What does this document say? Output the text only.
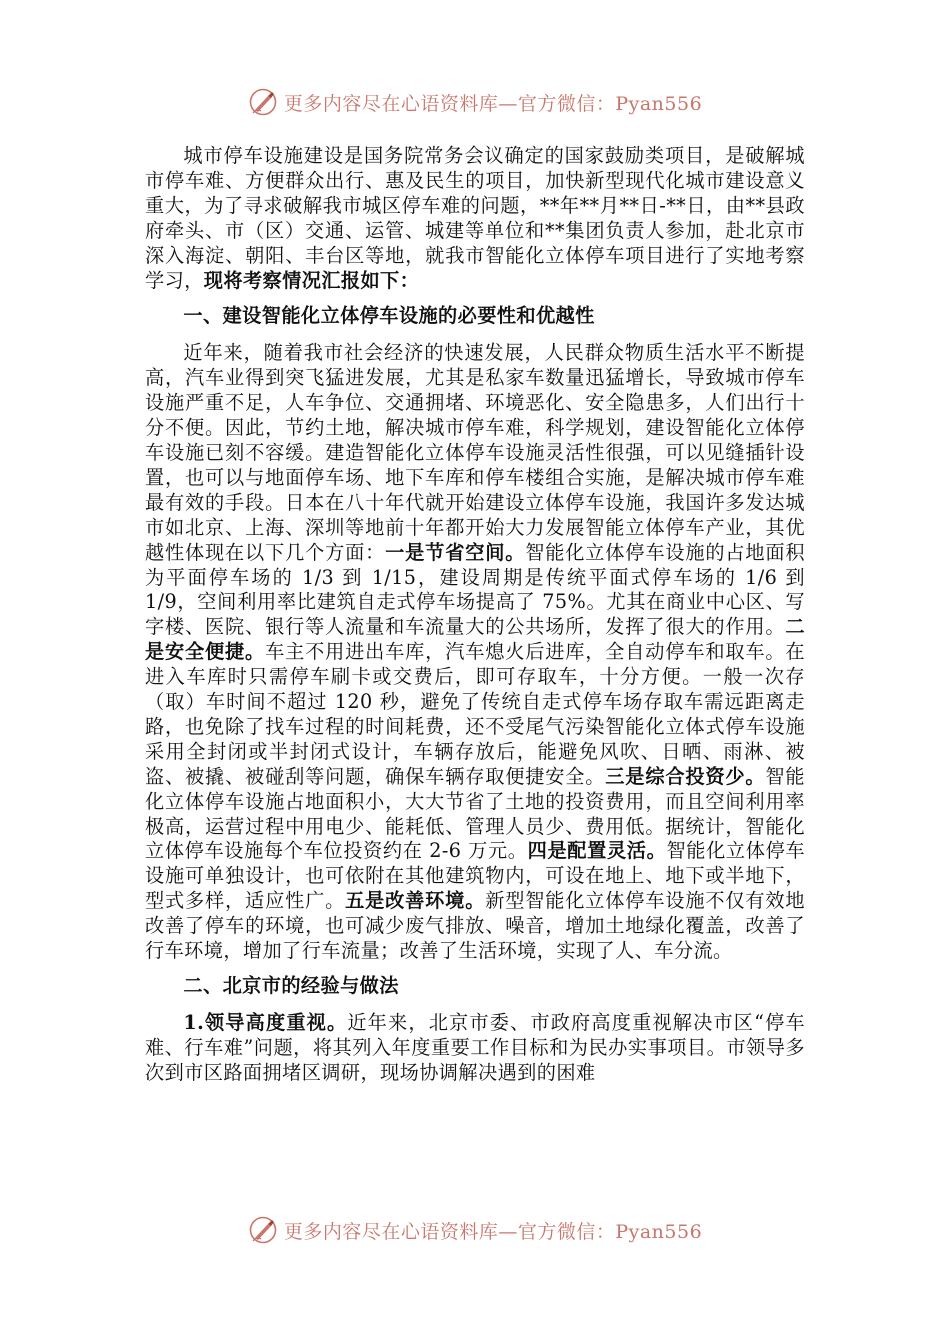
更多内容尽在心语资料库—官方微信：Pyan556

城市停车设施建设是国务院常务会议确定的国家鼓励类项目，是破解城市停车难、方便群众出行、惠及民生的项目，加快新型现代化城市建设意义重大，为了寻求破解我市城区停车难的问题，**年**月**日-**日，由**县政府牵头、市（区）交通、运管、城建等单位和**集团负责人参加，赴北京市深入海淀、朝阳、丰台区等地，就我市智能化立体停车项目进行了实地考察学习，现将考察情况汇报如下：

一、建设智能化立体停车设施的必要性和优越性

近年来，随着我市社会经济的快速发展，人民群众物质生活水平不断提高，汽车业得到突飞猛进发展，尤其是私家车数量迅猛增长，导致城市停车设施严重不足，人车争位、交通拥堵、环境恶化、安全隐患多，人们出行十分不便。因此，节约土地，解决城市停车难，科学规划，建设智能化立体停车设施已刻不容缓。建造智能化立体停车设施灵活性很强，可以见缝插针设置，也可以与地面停车场、地下车库和停车楼组合实施，是解决城市停车难最有效的手段。日本在八十年代就开始建设立体停车设施，我国许多发达城市如北京、上海、深圳等地前十年都开始大力发展智能立体停车产业，其优越性体现在以下几个方面：一是节省空间。智能化立体停车设施的占地面积为平面停车场的 1/3 到 1/15，建设周期是传统平面式停车场的 1/6 到 1/9，空间利用率比建筑自走式停车场提高了 75%。尤其在商业中心区、写字楼、医院、银行等人流量和车流量大的公共场所，发挥了很大的作用。二是安全便捷。车主不用进出车库，汽车熄火后进库，全自动停车和取车。在进入车库时只需停车刷卡或交费后，即可存取车，十分方便。一般一次存（取）车时间不超过 120 秒，避免了传统自走式停车场存取车需远距离走路，也免除了找车过程的时间耗费，还不受尾气污染智能化立体式停车设施采用全封闭或半封闭式设计，车辆存放后，能避免风吹、日晒、雨淋、被盗、被撬、被碰刮等问题，确保车辆存取便捷安全。三是综合投资少。智能化立体停车设施占地面积小，大大节省了土地的投资费用，而且空间利用率极高，运营过程中用电少、能耗低、管理人员少、费用低。据统计，智能化立体停车设施每个车位投资约在 2-6 万元。四是配置灵活。智能化立体停车设施可单独设计，也可依附在其他建筑物内，可设在地上、地下或半地下，型式多样，适应性广。五是改善环境。新型智能化立体停车设施不仅有效地改善了停车的环境，也可减少废气排放、噪音，增加土地绿化覆盖，改善了行车环境，增加了行车流量；改善了生活环境，实现了人、车分流。

二、北京市的经验与做法

1.领导高度重视。近年来，北京市委、市政府高度重视解决市区“停车难、行车难”问题，将其列入年度重要工作目标和为民办实事项目。市领导多次到市区路面拥堵区调研，现场协调解决遇到的困难

更多内容尽在心语资料库—官方微信：Pyan556
